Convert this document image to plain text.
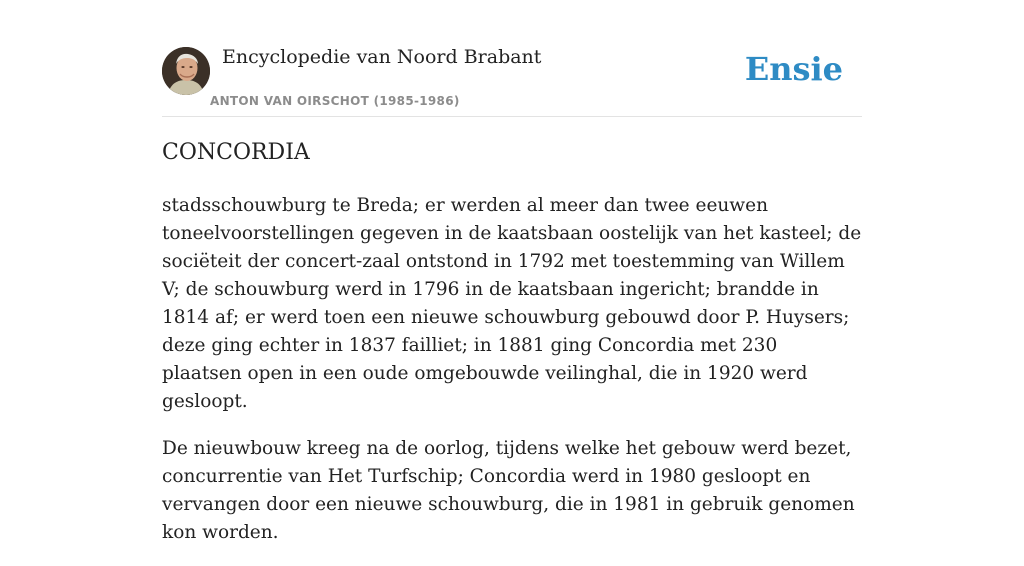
Encyclopedie van Noord Brabant
ANTON VAN OIRSCHOT (1985-1986)
Ensie
CONCORDIA

stadsschouwburg te Breda; er werden al meer dan twee eeuwen toneelvoorstellingen gegeven in de kaatsbaan oostelijk van het kasteel; de sociëteit der concert-zaal ontstond in 1792 met toestemming van Willem V; de schouwburg werd in 1796 in de kaatsbaan ingericht; brandde in 1814 af; er werd toen een nieuwe schouwburg gebouwd door P. Huysers; deze ging echter in 1837 failliet; in 1881 ging Concordia met 230 plaatsen open in een oude omgebouwde veilinghal, die in 1920 werd gesloopt.

De nieuwbouw kreeg na de oorlog, tijdens welke het gebouw werd bezet, concurrentie van Het Turfschip; Concordia werd in 1980 gesloopt en vervangen door een nieuwe schouwburg, die in 1981 in gebruik genomen kon worden.
